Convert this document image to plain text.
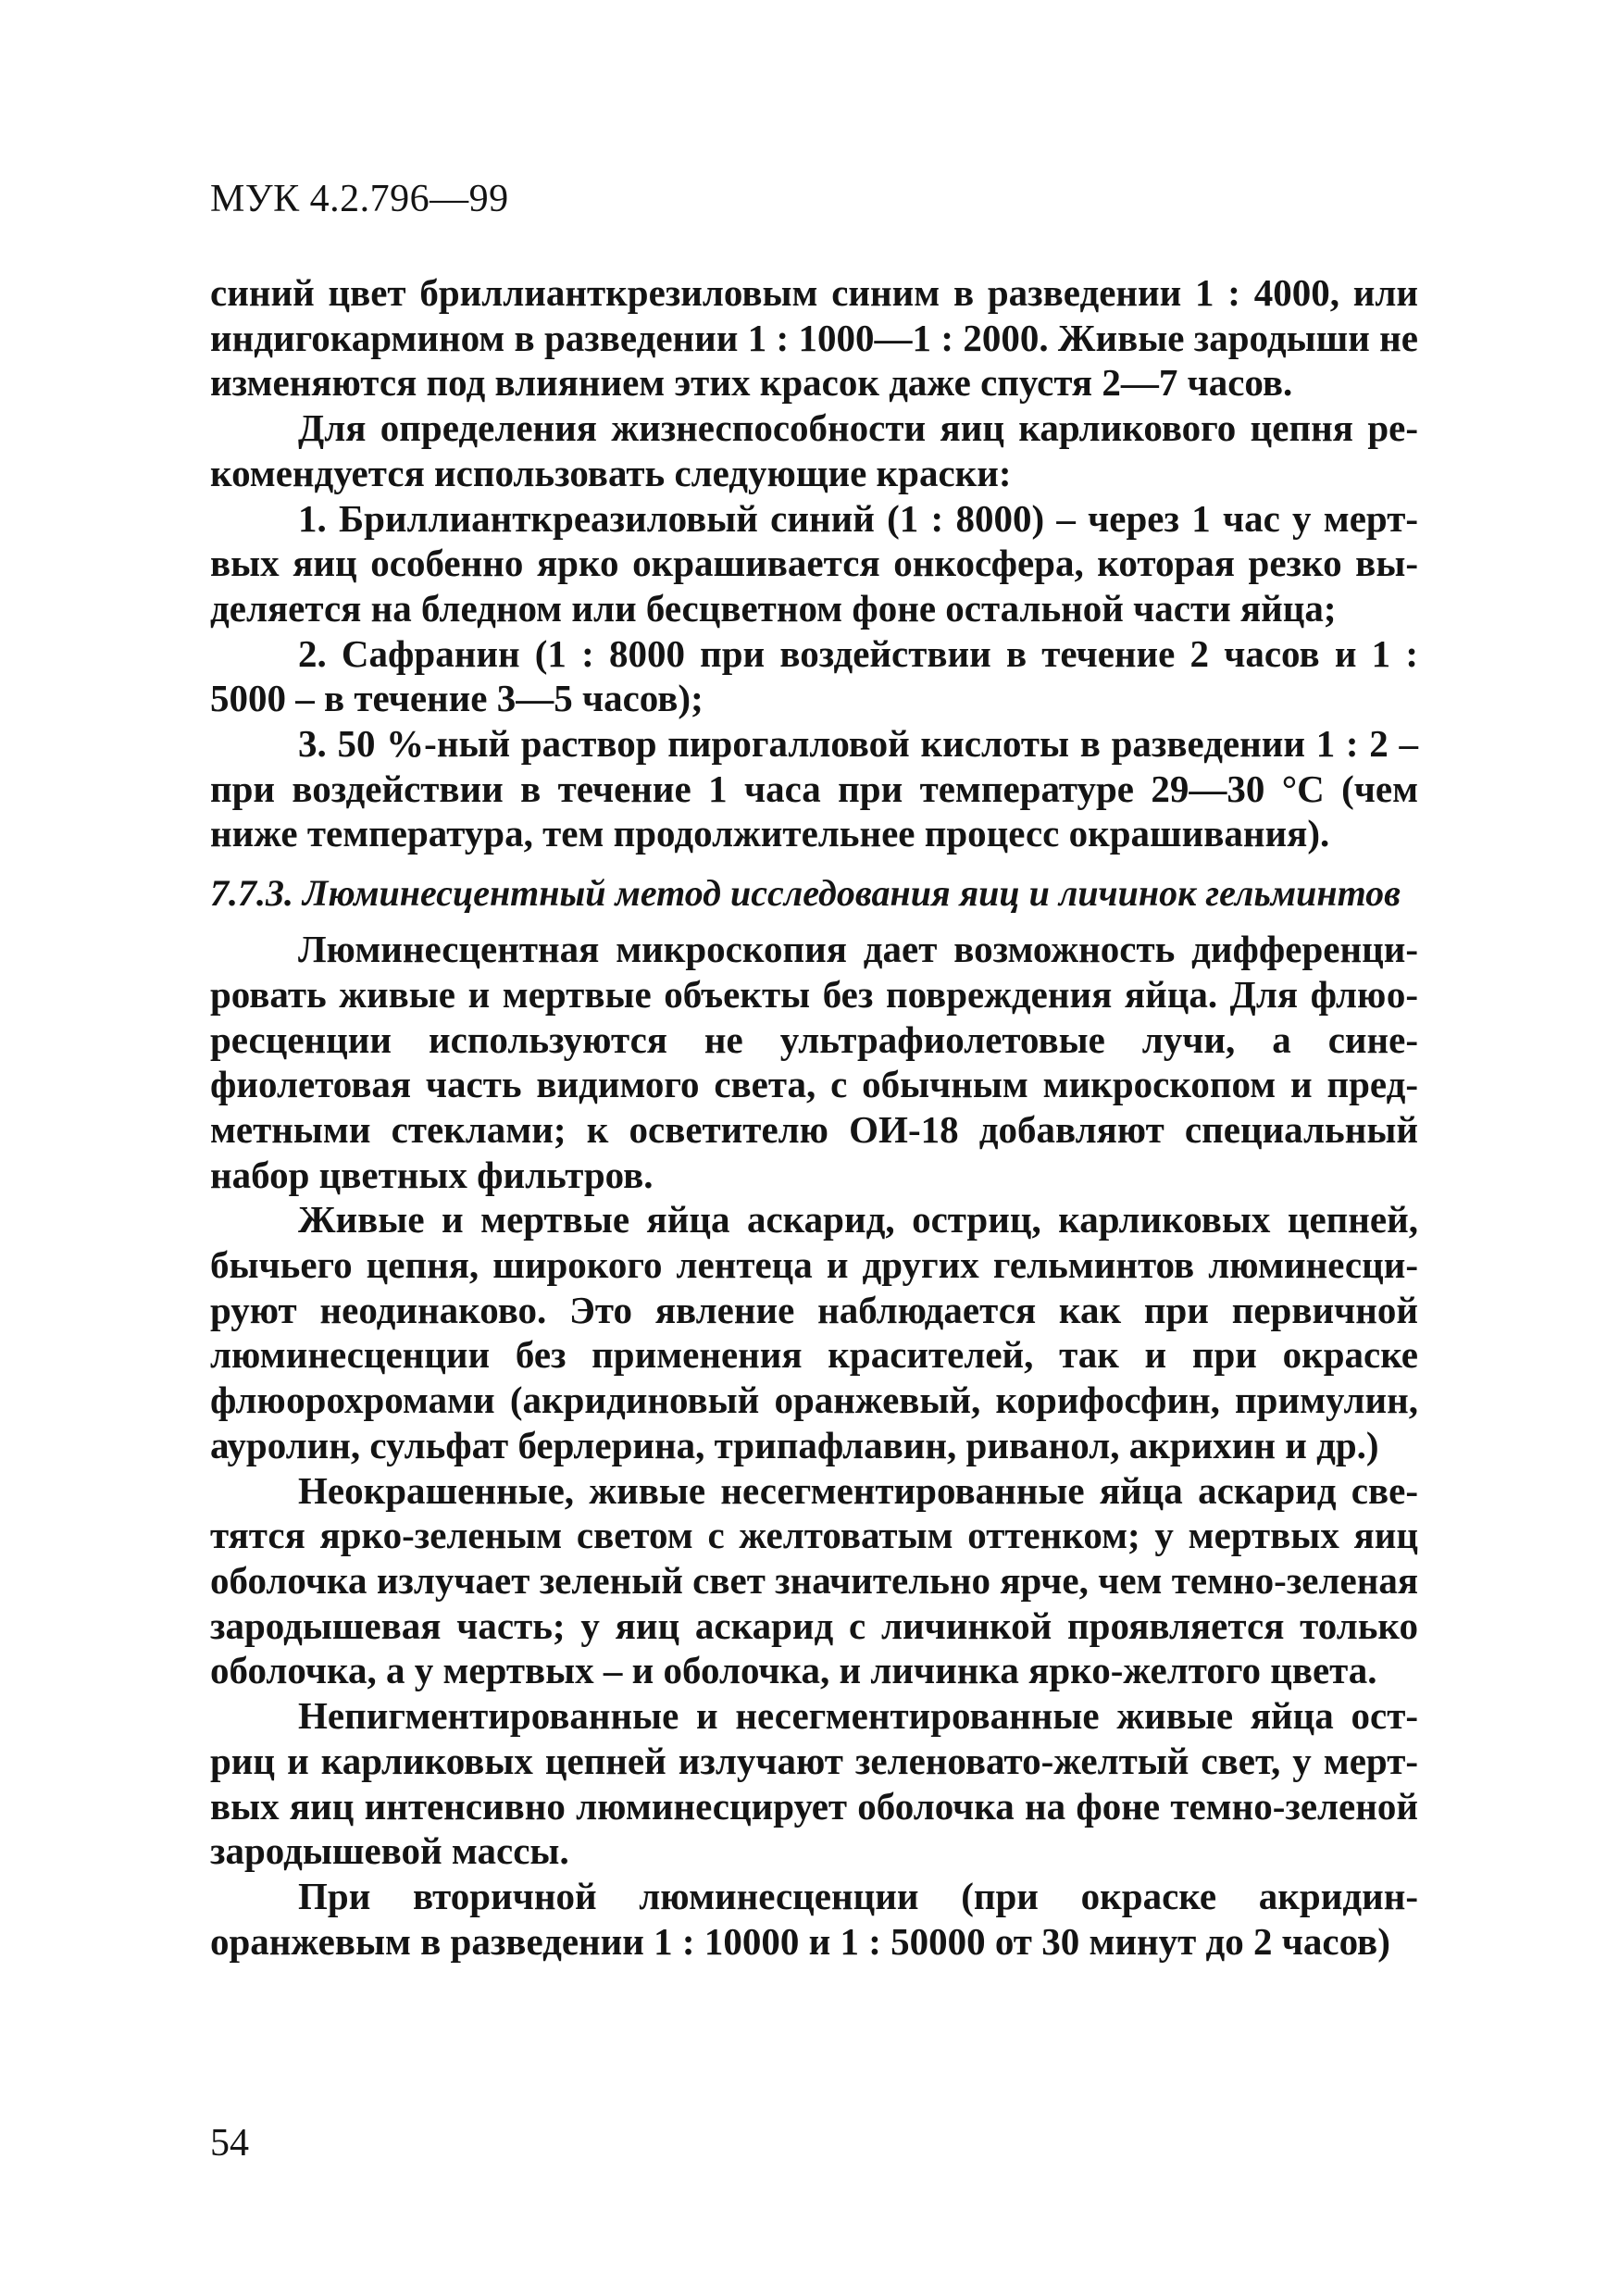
МУК 4.2.796—99

синий цвет бриллианткрезиловым синим в разведении 1 : 4000, или индигокармином в разведении 1 : 1000—1 : 2000. Живые зародыши не изменяются под влиянием этих красок даже спустя 2—7 часов.

Для определения жизнеспособности яиц карликового цепня рекомендуется использовать следующие краски:

1. Бриллианткреазиловый синий (1 : 8000) – через 1 час у мертвых яиц особенно ярко окрашивается онкосфера, которая резко выделяется на бледном или бесцветном фоне остальной части яйца;

2. Сафранин (1 : 8000 при воздействии в течение 2 часов и 1 : 5000 – в течение 3—5 часов);

3. 50 %-ный раствор пирогалловой кислоты в разведении 1 : 2 – при воздействии в течение 1 часа при температуре 29—30 °С (чем ниже температура, тем продолжительнее процесс окрашивания).

7.7.3. Люминесцентный метод исследования яиц и личинок гельминтов

Люминесцентная микроскопия дает возможность дифференцировать живые и мертвые объекты без повреждения яйца. Для флюоресценции используются не ультрафиолетовые лучи, а синефиолетовая часть видимого света, с обычным микроскопом и предметными стеклами; к осветителю ОИ-18 добавляют специальный набор цветных фильтров.

Живые и мертвые яйца аскарид, остриц, карликовых цепней, бычьего цепня, широкого лентеца и других гельминтов люминесцируют неодинаково. Это явление наблюдается как при первичной люминесценции без применения красителей, так и при окраске флюорохромами (акридиновый оранжевый, корифосфин, примулин, ауролин, сульфат берлерина, трипафлавин, риванол, акрихин и др.)

Неокрашенные, живые несегментированные яйца аскарид светятся ярко-зеленым светом с желтоватым оттенком; у мертвых яиц оболочка излучает зеленый свет значительно ярче, чем темно-зеленая зародышевая часть; у яиц аскарид с личинкой проявляется только оболочка, а у мертвых – и оболочка, и личинка ярко-желтого цвета.

Непигментированные и несегментированные живые яйца остриц и карликовых цепней излучают зеленовато-желтый свет, у мертвых яиц интенсивно люминесцирует оболочка на фоне темно-зеленой зародышевой массы.

При вторичной люминесценции (при окраске акридин-оранжевым в разведении 1 : 10000 и 1 : 50000 от 30 минут до 2 часов)

54
